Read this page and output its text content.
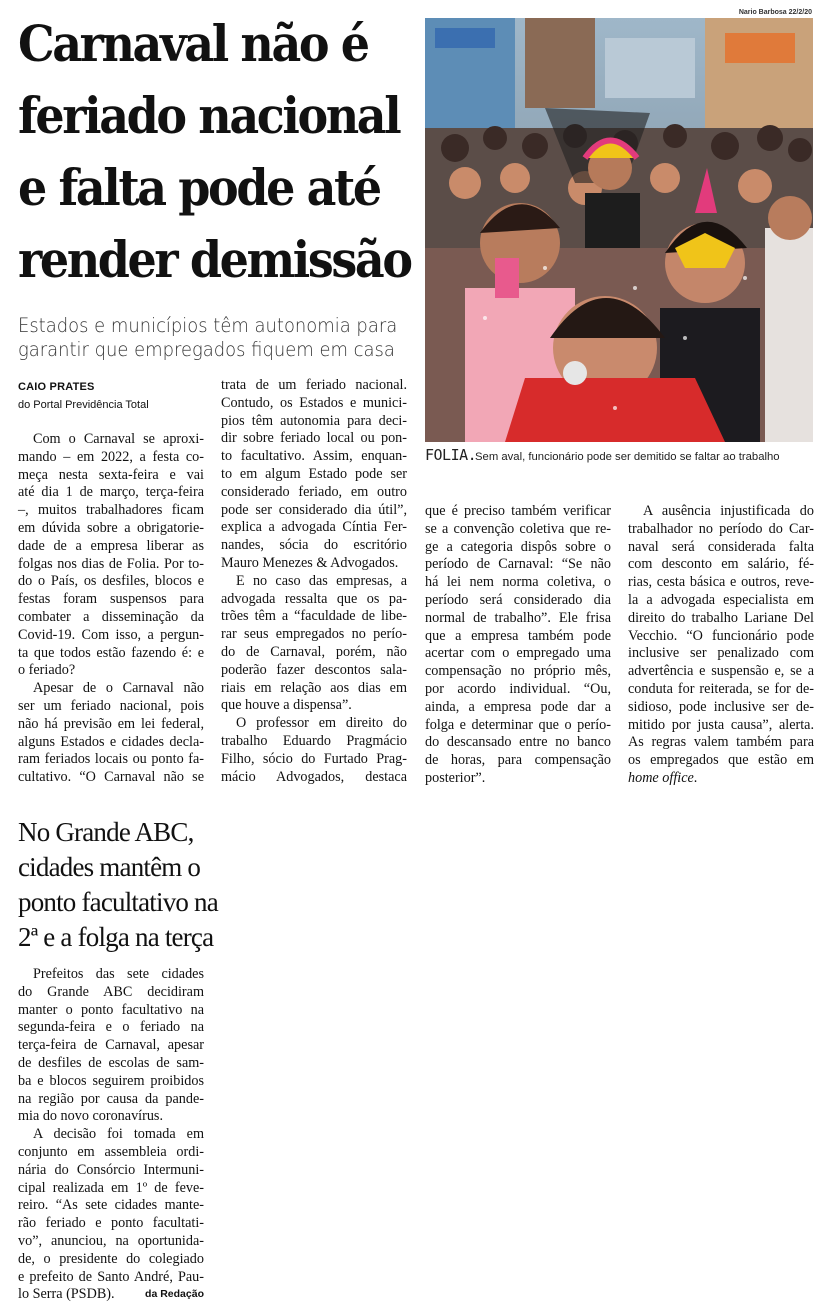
Carnaval não é
feriado nacional
e falta pode até
render demissão
Estados e municípios têm autonomia para
garantir que empregados fiquem em casa
CAIO PRATES
do Portal Previdência Total
Nario Barbosa 22/2/20
FOLIA.
Sem aval, funcionário pode ser demitido se faltar ao trabalho
Com o Carnaval se aproxi-
mando – em 2022, a festa co-
meça nesta sexta-feira e vai
até dia 1 de março, terça-feira
–, muitos trabalhadores ficam
em dúvida sobre a obrigatorie-
dade de a empresa liberar as
folgas nos dias de Folia. Por to-
do o País, os desfiles, blocos e
festas foram suspensos para
combater a disseminação da
Covid-19. Com isso, a pergun-
ta que todos estão fazendo é: e
o feriado?
Apesar de o Carnaval não
ser um feriado nacional, pois
não há previsão em lei federal,
alguns Estados e cidades decla-
ram feriados locais ou ponto fa-
cultativo. “O Carnaval não se
trata de um feriado nacional.
Contudo, os Estados e munici-
pios têm autonomia para deci-
dir sobre feriado local ou pon-
to facultativo. Assim, enquan-
to em algum Estado pode ser
considerado feriado, em outro
pode ser considerado dia útil”,
explica a advogada Cíntia Fer-
nandes, sócia do escritório
Mauro Menezes & Advogados.
E no caso das empresas, a
advogada ressalta que os pa-
trões têm a “faculdade de libe-
rar seus empregados no perío-
do de Carnaval, porém, não
poderão fazer descontos sala-
riais em relação aos dias em
que houve a dispensa”.
O professor em direito do
trabalho Eduardo Pragmácio
Filho, sócio do Furtado Prag-
mácio Advogados, destaca
que é preciso também verificar
se a convenção coletiva que re-
ge a categoria dispôs sobre o
período de Carnaval: “Se não
há lei nem norma coletiva, o
período será considerado dia
normal de trabalho”. Ele frisa
que a empresa também pode
acertar com o empregado uma
compensação no próprio mês,
por acordo individual. “Ou,
ainda, a empresa pode dar a
folga e determinar que o perío-
do descansado entre no banco
de horas, para compensação
posterior”.
A ausência injustificada do
trabalhador no período do Car-
naval será considerada falta
com desconto em salário, fé-
rias, cesta básica e outros, reve-
la a advogada especialista em
direito do trabalho Lariane Del
Vecchio. “O funcionário pode
inclusive ser penalizado com
advertência e suspensão e, se a
conduta for reiterada, se for de-
sidioso, pode inclusive ser de-
mitido por justa causa”, alerta.
As regras valem também para
os empregados que estão em
home office.
No Grande ABC,
cidades mantêm o
ponto facultativo na
2ª e a folga na terça
Prefeitos das sete cidades
do Grande ABC decidiram
manter o ponto facultativo na
segunda-feira e o feriado na
terça-feira de Carnaval, apesar
de desfiles de escolas de sam-
ba e blocos seguirem proibidos
na região por causa da pande-
mia do novo coronavírus.
A decisão foi tomada em
conjunto em assembleia ordi-
nária do Consórcio Intermuni-
cipal realizada em 1º de feve-
reiro. “As sete cidades mante-
rão feriado e ponto facultati-
vo”, anunciou, na oportunida-
de, o presidente do colegiado
e prefeito de Santo André, Pau-
lo Serra (PSDB).	da Redação
